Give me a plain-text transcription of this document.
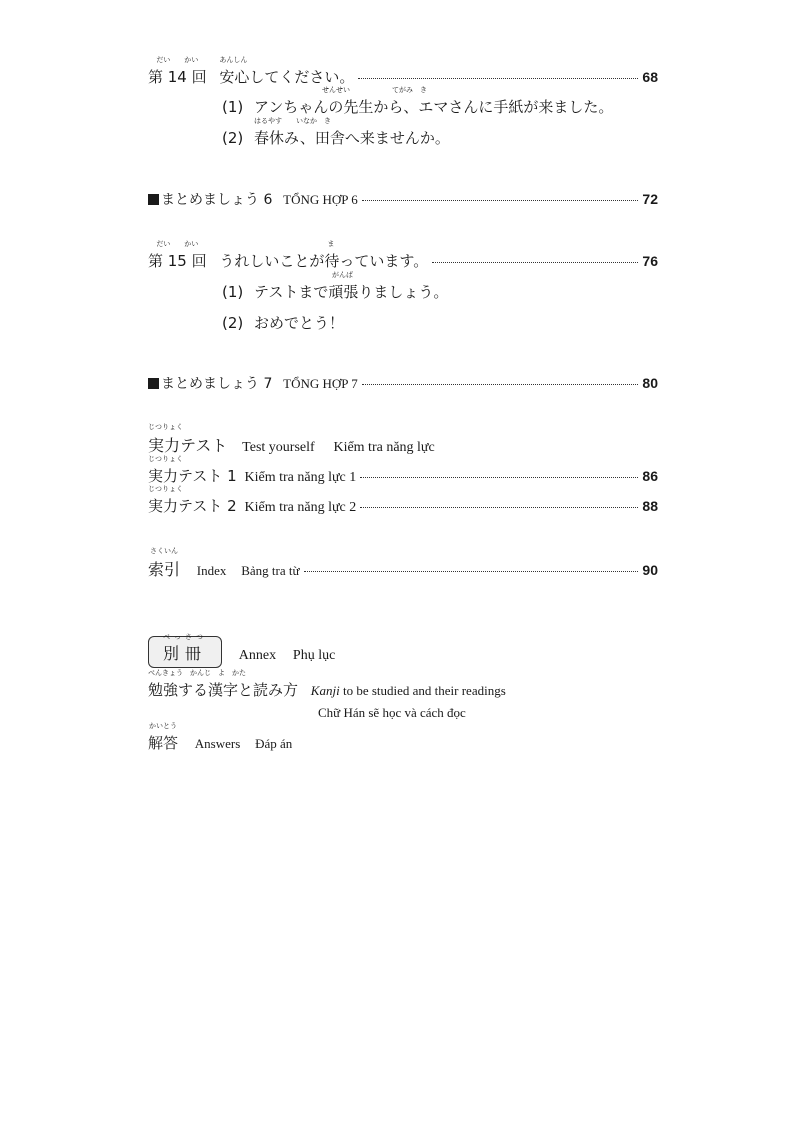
だい　　かい
第 14 回
あんしん
安心してください。	68
(1)
せんせい　　　　　　てがみ　き
アンちゃんの先生から、エマさんに手紙が来ました。
(2)
はるやす　　いなか　き
春休み、田舎へ来ませんか。
まとめましょう 6 TỔNG HỢP 6	72
だい　　かい
第 15 回
ま
うれしいことが待っています。	76
(1)
がんば
テストまで頑張りましょう。
(2) おめでとう！
まとめましょう 7 TỔNG HỢP 7	80
じつりょく
実力テスト Test yourself Kiểm tra năng lực
じつりょく
実力テスト 1 Kiểm tra năng lực 1	86
じつりょく
実力テスト 2 Kiểm tra năng lực 2	88
さくいん
索引 Index Bảng tra từ	90
べっさつ
別冊 Annex Phụ lục
べんきょう　かんじ　よ　かた
勉強する漢字と読み方 Kanji to be studied and their readings
Chữ Hán sẽ học và cách đọc
かいとう
解答 Answers Đáp án
